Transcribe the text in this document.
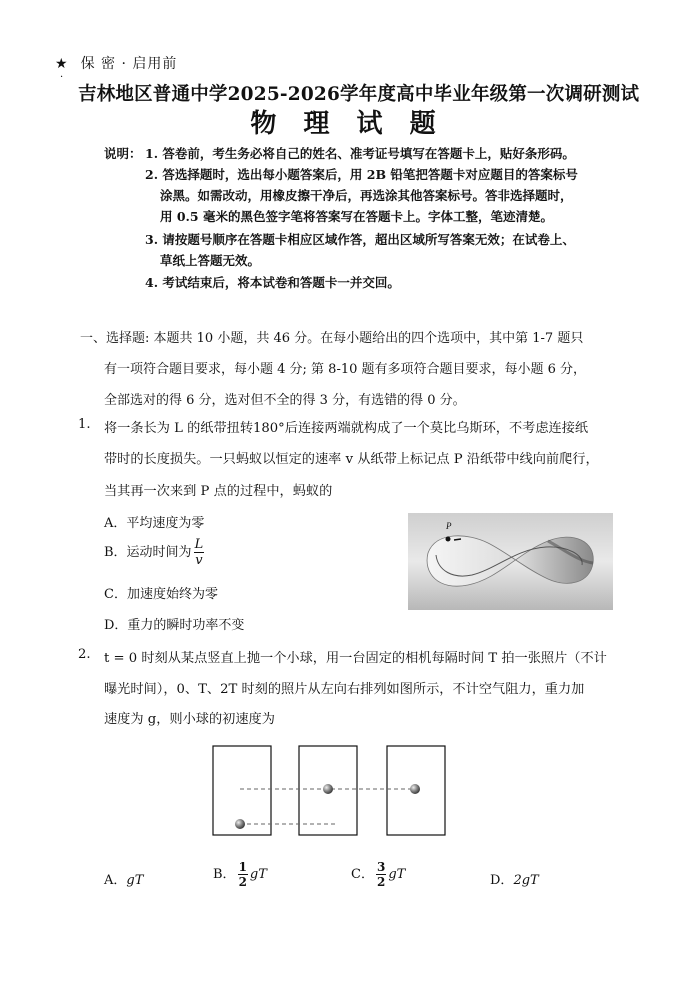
★ 保 密 · 启用前
·
吉林地区普通中学2025-2026学年度高中毕业年级第一次调研测试
物 理 试 题
说明： 1. 答卷前，考生务必将自己的姓名、准考证号填写在答题卡上，贴好条形码。
2. 答选择题时，选出每小题答案后，用 2B 铅笔把答题卡对应题目的答案标号
涂黑。如需改动，用橡皮擦干净后，再选涂其他答案标号。答非选择题时，
用 0.5 毫米的黑色签字笔将答案写在答题卡上。字体工整，笔迹清楚。
3. 请按题号顺序在答题卡相应区域作答，超出区域所写答案无效；在试卷上、
草纸上答题无效。
4. 考试结束后，将本试卷和答题卡一并交回。
一、选择题: 本题共 10 小题，共 46 分。在每小题给出的四个选项中，其中第 1-7 题只
有一项符合题目要求，每小题 4 分; 第 8-10 题有多项符合题目要求，每小题 6 分，
全部选对的得 6 分，选对但不全的得 3 分，有选错的得 0 分。
1. 将一条长为 L 的纸带扭转180°后连接两端就构成了一个莫比乌斯环，不考虑连接纸
带时的长度损失。一只蚂蚁以恒定的速率 v 从纸带上标记点 P 沿纸带中线向前爬行，
当其再一次来到 P 点的过程中，蚂蚁的
A．平均速度为零
B．运动时间为 $\frac{L}{v}$
C．加速度始终为零
D．重力的瞬时功率不变
P
2. t = 0 时刻从某点竖直上抛一个小球，用一台固定的相机每隔时间 T 拍一张照片（不计
曝光时间），0、T、2T 时刻的照片从左向右排列如图所示，不计空气阻力，重力加
速度为 g，则小球的初速度为
A．gT	B． $\frac{1}{2}$ gT	C． $\frac{3}{2}$ gT	D．2gT
